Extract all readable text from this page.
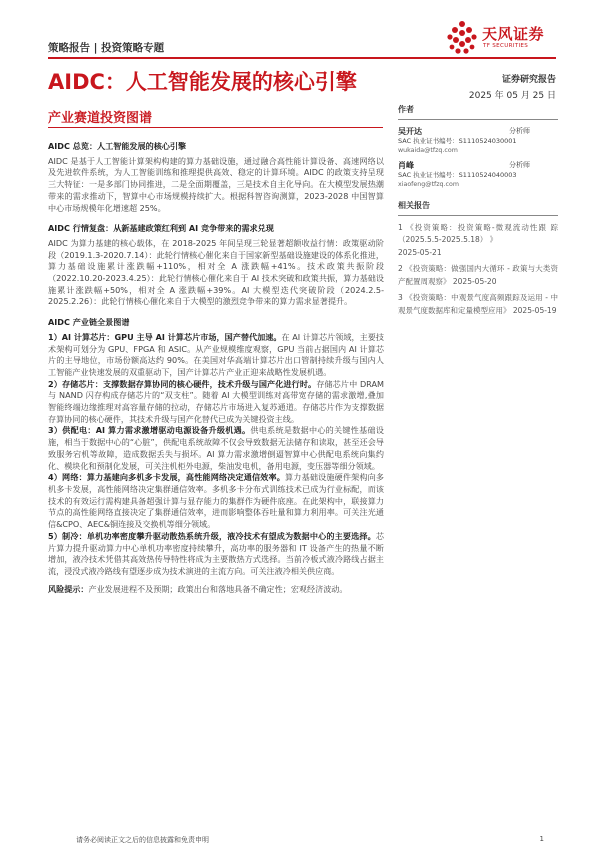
策略报告 | 投资策略专题
天风证券
TF SECURITIES
AIDC：人工智能发展的核心引擎	证券研究报告
2025 年 05 月 25 日
产业赛道投资图谱
AIDC 总览：人工智能发展的核心引擎
AIDC 是基于人工智能计算架构构建的算力基础设施，通过融合高性能计算设备、高速网络以及先进软件系统，为人工智能训练和推理提供高效、稳定的计算环境。AIDC 的政策支持呈现三大特征：一是多部门协同推进，二是全面期覆盖，三是技术自主化导向。在大模型发展热潮带来的需求推动下，智算中心市场规模持续扩大。根据科智咨询测算，2023-2028 中国智算中心市场规模年化增速超 25%。
AIDC 行情复盘：从新基建政策红利到 AI 竞争带来的需求兑现
AIDC 为算力基建的核心载体，在 2018-2025 年间呈现三轮显著超额收益行情：政策驱动阶段（2019.1.3-2020.7.14）：此轮行情核心催化来自于国家新型基础设施建设的体系化推进，算力基础设施累计涨跌幅+110%，相对全 A 涨跌幅+41%。技术政策共振阶段（2022.10.20-2023.4.25）：此轮行情核心催化来自于 AI 技术突破和政策共振，算力基础设施累计涨跌幅+50%，相对全 A 涨跌幅+39%。AI 大模型迭代突破阶段（2024.2.5-2025.2.26）：此轮行情核心催化来自于大模型的激烈竞争带来的算力需求显著提升。
AIDC 产业链全景图谱
1）AI 计算芯片：GPU 主导 AI 计算芯片市场，国产替代加速。在 AI 计算芯片领域，主要技术架构可划分为 GPU、FPGA 和 ASIC。从产业规模维度观察，GPU 当前占据国内 AI 计算芯片的主导地位，市场份额高达约 90%。在美国对华高端计算芯片出口管制持续升级与国内人工智能产业快速发展的双重驱动下，国产计算芯片产业正迎来战略性发展机遇。
2）存储芯片：支撑数据存算协同的核心硬件，技术升级与国产化进行时。存储芯片中 DRAM 与 NAND 闪存构成存储芯片的“双支柱”。随着 AI 大模型训练对高带宽存储的需求激增,叠加智能终端边缘推理对高容量存储的拉动，存储芯片市场进入复苏通道。存储芯片作为支撑数据存算协同的核心硬件，其技术升级与国产化替代已成为关键投资主线。
3）供配电：AI 算力需求激增驱动电源设备升级机遇。供电系统是数据中心的关键性基础设施，相当于数据中心的“心脏”，供配电系统故障不仅会导致数据无法储存和读取，甚至还会导致服务宕机等故障，造成数据丢失与损坏。AI 算力需求激增倒逼智算中心供配电系统向集约化、模块化和预制化发展，可关注机柜外电源，柴油发电机，备用电源，变压器等细分领域。
4）网络：算力基建向多机多卡发展，高性能网络决定通信效率。算力基础设施硬件架构向多机多卡发展，高性能网络决定集群通信效率。多机多卡分布式训练技术已成为行业标配，而该技术的有效运行需构建具备超强计算与显存能力的集群作为硬件底座。在此架构中，联接算力节点的高性能网络直接决定了集群通信效率，进而影响整体吞吐量和算力利用率。可关注光通信&CPO、AEC&铜连接及交换机等细分领域。
5）制冷：单机功率密度攀升驱动散热系统升级，液冷技术有望成为数据中心的主要选择。芯片算力提升驱动算力中心单机功率密度持续攀升，高功率的服务器和 IT 设备产生的热量不断增加，液冷技术凭借其高效热传导特性将成为主要散热方式选择。当前冷板式液冷路线占据主流，浸没式液冷路线有望逐步成为技术演进的主流方向。可关注液冷相关供应商。
风险提示：产业发展进程不及预期；政策出台和落地具备不确定性；宏观经济波动。
作者
吴开达	分析师
SAC 执业证书编号：S1110524030001
wukaida@tfzq.com
肖峰	分析师
SAC 执业证书编号：S1110524040003
xiaofeng@tfzq.com
相关报告
1 《投资策略：投资策略-微观流动性跟 踪 （2025.5.5-2025.5.18） 》
2025-05-21
2 《投资策略：做强国内大循环 - 政策与大类资产配置周观察》 2025-05-20
3 《投资策略：中观景气度高频跟踪及运用 - 中观景气度数据库和定量模型应用》 2025-05-19
请务必阅读正文之后的信息披露和免责申明	1
